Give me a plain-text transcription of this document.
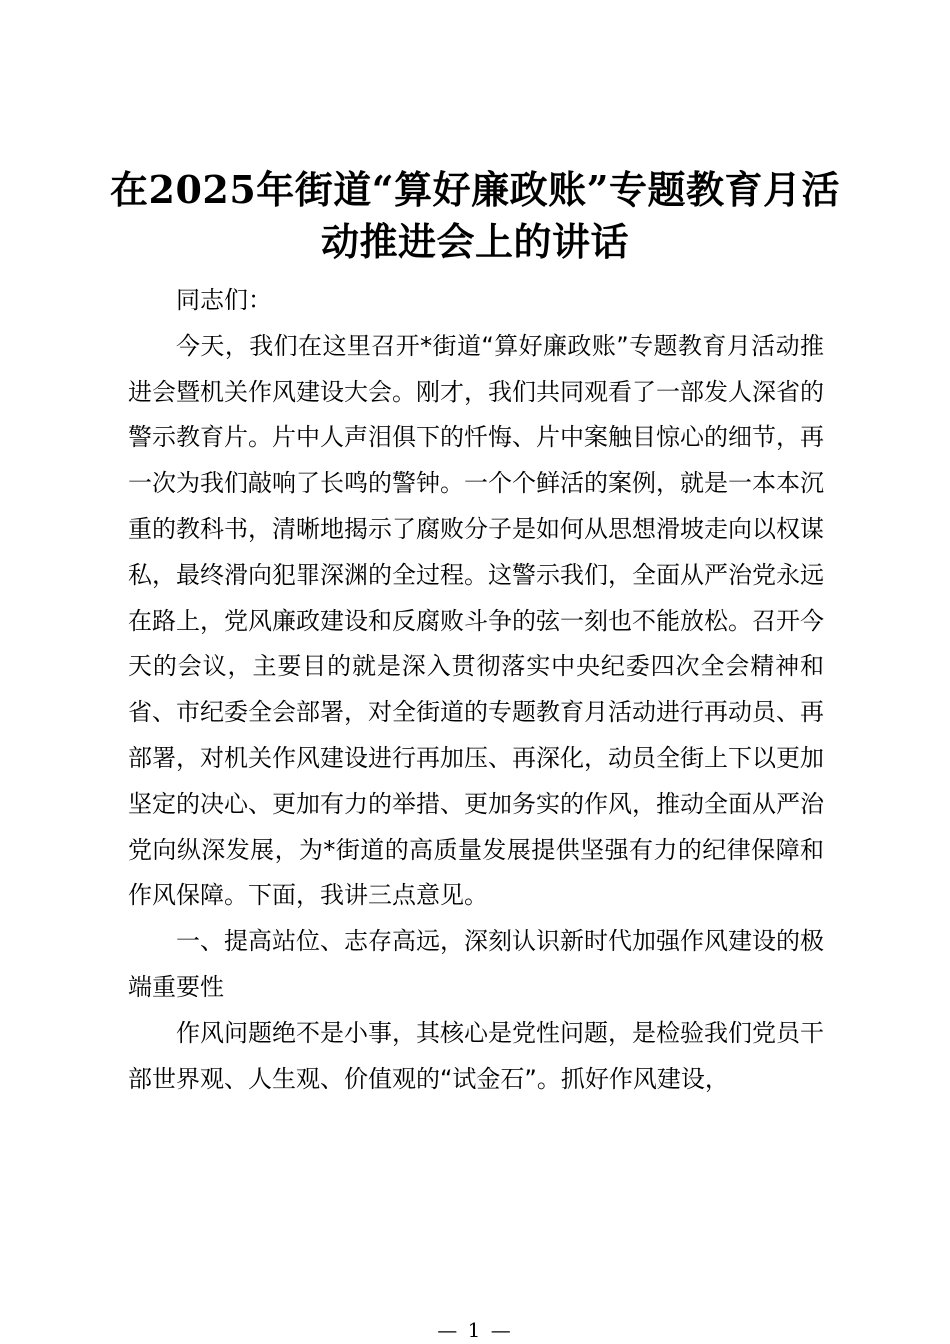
在2025年街道“算好廉政账”专题教育月活动推进会上的讲话

同志们：

今天，我们在这里召开*街道“算好廉政账”专题教育月活动推进会暨机关作风建设大会。刚才，我们共同观看了一部发人深省的警示教育片。片中人声泪俱下的忏悔、片中案触目惊心的细节，再一次为我们敲响了长鸣的警钟。一个个鲜活的案例，就是一本本沉重的教科书，清晰地揭示了腐败分子是如何从思想滑坡走向以权谋私，最终滑向犯罪深渊的全过程。这警示我们，全面从严治党永远在路上，党风廉政建设和反腐败斗争的弦一刻也不能放松。召开今天的会议，主要目的就是深入贯彻落实中央纪委四次全会精神和省、市纪委全会部署，对全街道的专题教育月活动进行再动员、再部署，对机关作风建设进行再加压、再深化，动员全街上下以更加坚定的决心、更加有力的举措、更加务实的作风，推动全面从严治党向纵深发展，为*街道的高质量发展提供坚强有力的纪律保障和作风保障。下面，我讲三点意见。

一、提高站位、志存高远，深刻认识新时代加强作风建设的极端重要性

作风问题绝不是小事，其核心是党性问题，是检验我们党员干部世界观、人生观、价值观的“试金石”。抓好作风建设，

— 1 —
